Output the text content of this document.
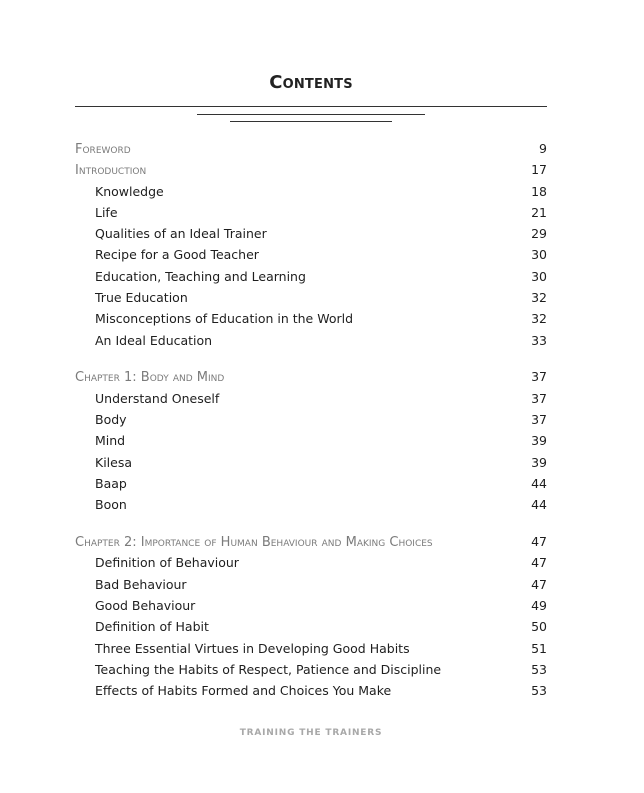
Contents
Foreword	9
Introduction	17
Knowledge	18
Life	21
Qualities of an Ideal Trainer	29
Recipe for a Good Teacher	30
Education, Teaching and Learning	30
True Education	32
Misconceptions of Education in the World	32
An Ideal Education	33
Chapter 1: Body and Mind	37
Understand Oneself	37
Body	37
Mind	39
Kilesa	39
Baap	44
Boon	44
Chapter 2: Importance of Human Behaviour and Making Choices	47
Definition of Behaviour	47
Bad Behaviour	47
Good Behaviour	49
Definition of Habit	50
Three Essential Virtues in Developing Good Habits	51
Teaching the Habits of Respect, Patience and Discipline	53
Effects of Habits Formed and Choices You Make	53
TRAINING THE TRAINERS
